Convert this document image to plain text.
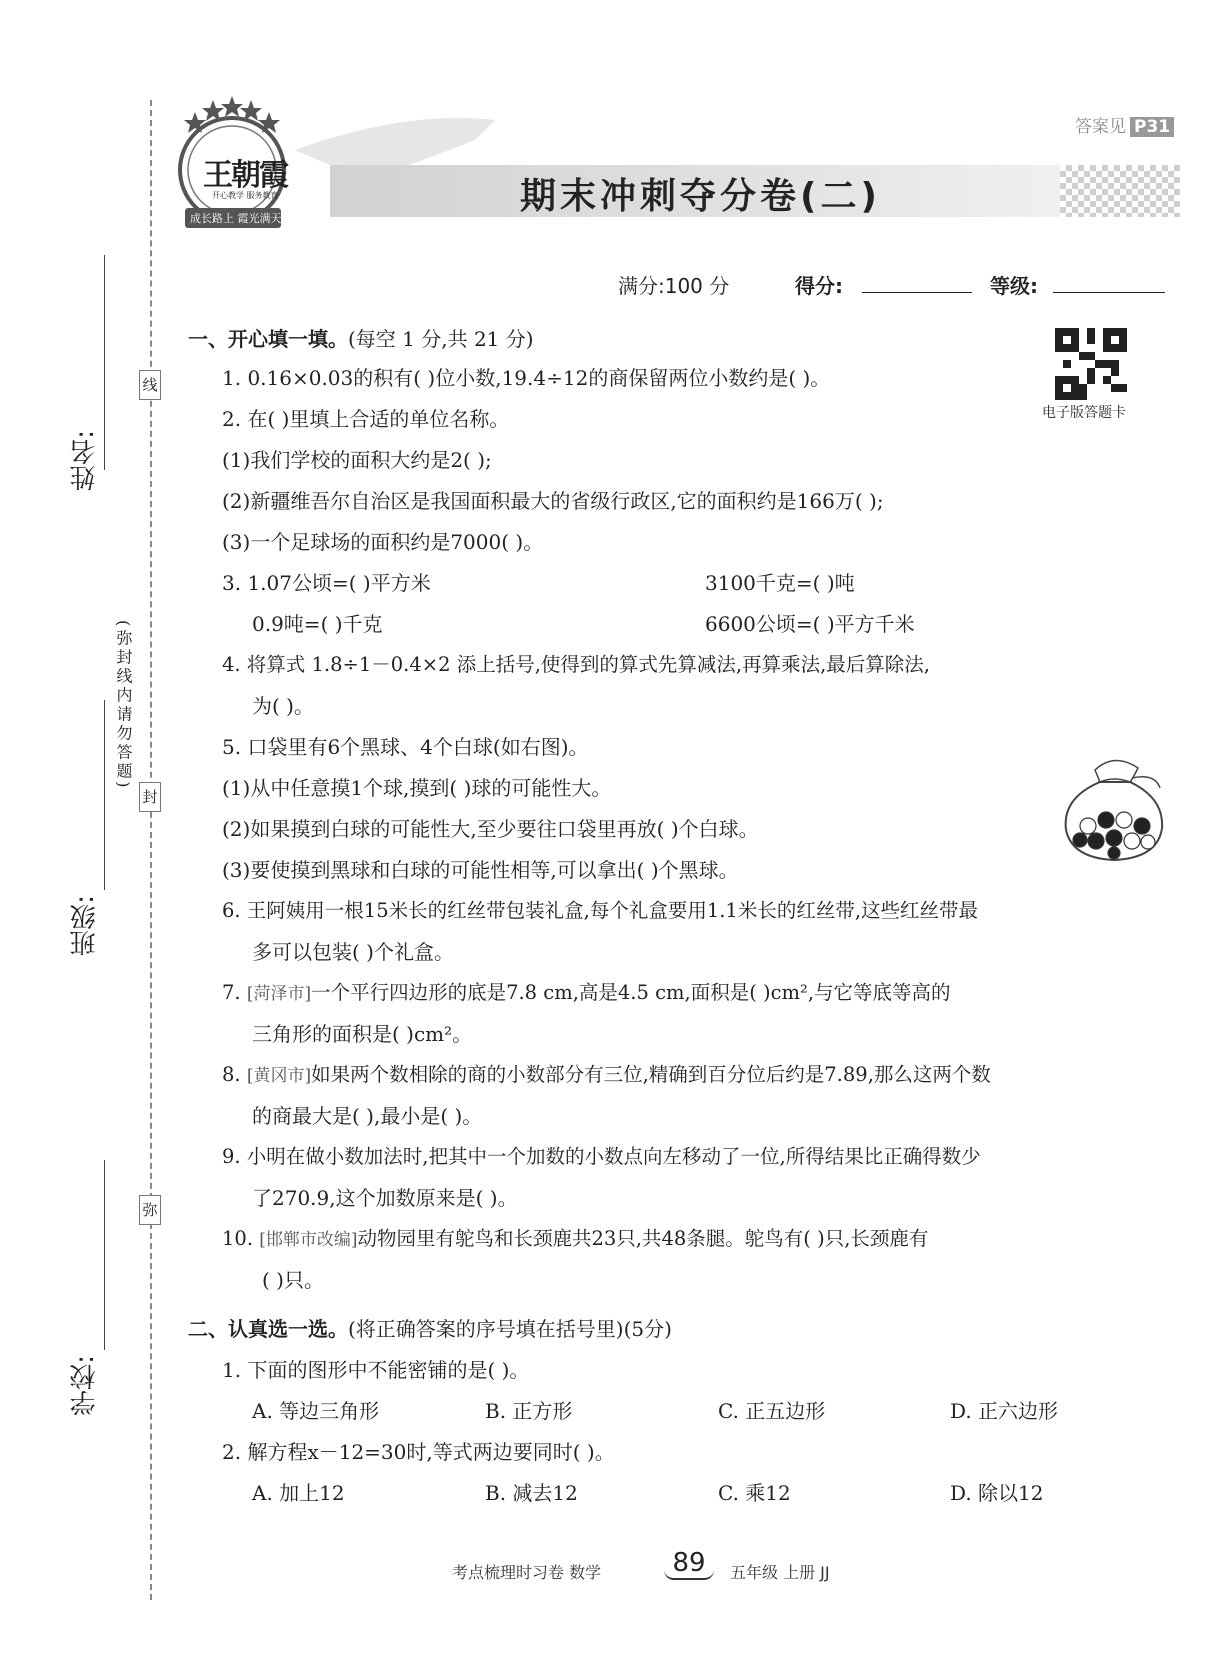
线
封
弥
姓名:
(弥封线内请勿答题)
班级:
学校:
王朝霞
开心教学 服务教育
成长路上 霞光满天
期末冲刺夺分卷(二)
答案见 P31
满分:100 分	得分:	等级:
电子版答题卡
一、开心填一填。(每空 1 分,共 21 分)
1. 0.16×0.03的积有( )位小数,19.4÷12的商保留两位小数约是( )。
2. 在( )里填上合适的单位名称。
(1)我们学校的面积大约是2( );
(2)新疆维吾尔自治区是我国面积最大的省级行政区,它的面积约是166万( );
(3)一个足球场的面积约是7000( )。
3. 1.07公顷=( )平方米	3100千克=( )吨
0.9吨=( )千克	6600公顷=( )平方千米
4. 将算式 1.8÷1－0.4×2 添上括号,使得到的算式先算减法,再算乘法,最后算除法,
为( )。
5. 口袋里有6个黑球、4个白球(如右图)。
(1)从中任意摸1个球,摸到( )球的可能性大。
(2)如果摸到白球的可能性大,至少要往口袋里再放( )个白球。
(3)要使摸到黑球和白球的可能性相等,可以拿出( )个黑球。
6. 王阿姨用一根15米长的红丝带包装礼盒,每个礼盒要用1.1米长的红丝带,这些红丝带最
多可以包装( )个礼盒。
7. [菏泽市]一个平行四边形的底是7.8 cm,高是4.5 cm,面积是( )cm²,与它等底等高的
三角形的面积是( )cm²。
8. [黄冈市]如果两个数相除的商的小数部分有三位,精确到百分位后约是7.89,那么这两个数
的商最大是( ),最小是( )。
9. 小明在做小数加法时,把其中一个加数的小数点向左移动了一位,所得结果比正确得数少
了270.9,这个加数原来是( )。
10. [邯郸市改编]动物园里有鸵鸟和长颈鹿共23只,共48条腿。鸵鸟有( )只,长颈鹿有
( )只。
二、认真选一选。(将正确答案的序号填在括号里)(5分)
1. 下面的图形中不能密铺的是( )。
A. 等边三角形	B. 正方形	C. 正五边形	D. 正六边形
2. 解方程x－12=30时,等式两边要同时( )。
A. 加上12	B. 减去12	C. 乘12	D. 除以12
考点梳理时习卷 数学	89	五年级 上册 JJ
